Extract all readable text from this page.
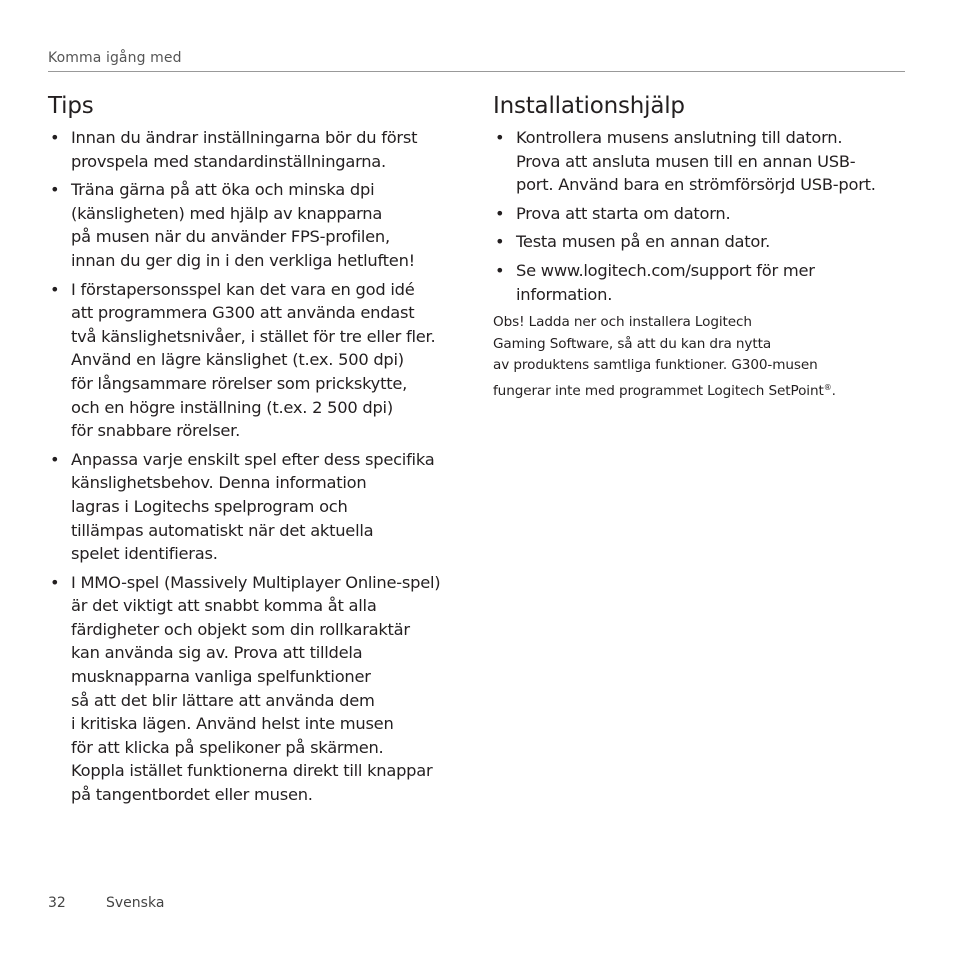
Komma igång med
Tips
• Innan du ändrar inställningarna bör du först
provspela med standardinställningarna.
• Träna gärna på att öka och minska dpi
(känsligheten) med hjälp av knapparna
på musen när du använder FPS-profilen,
innan du ger dig in i den verkliga hetluften!
• I förstapersonsspel kan det vara en god idé
att programmera G300 att använda endast
två känslighetsnivåer, i stället för tre eller fler.
Använd en lägre känslighet (t.ex. 500 dpi)
för långsammare rörelser som prickskytte,
och en högre inställning (t.ex. 2 500 dpi)
för snabbare rörelser.
• Anpassa varje enskilt spel efter dess specifika
känslighetsbehov. Denna information
lagras i Logitechs spelprogram och
tillämpas automatiskt när det aktuella
spelet identifieras.
• I MMO-spel (Massively Multiplayer Online-spel)
är det viktigt att snabbt komma åt alla
färdigheter och objekt som din rollkaraktär
kan använda sig av. Prova att tilldela
musknapparna vanliga spelfunktioner
så att det blir lättare att använda dem
i kritiska lägen. Använd helst inte musen
för att klicka på spelikoner på skärmen.
Koppla istället funktionerna direkt till knappar
på tangentbordet eller musen.
Installationshjälp
• Kontrollera musens anslutning till datorn.
Prova att ansluta musen till en annan USB-
port. Använd bara en strömförsörjd USB-port.
• Prova att starta om datorn.
• Testa musen på en annan dator.
• Se www.logitech.com/support för mer
information.
Obs! Ladda ner och installera Logitech
Gaming Software, så att du kan dra nytta
av produktens samtliga funktioner. G300-musen
fungerar inte med programmet Logitech SetPoint®.
32	Svenska
